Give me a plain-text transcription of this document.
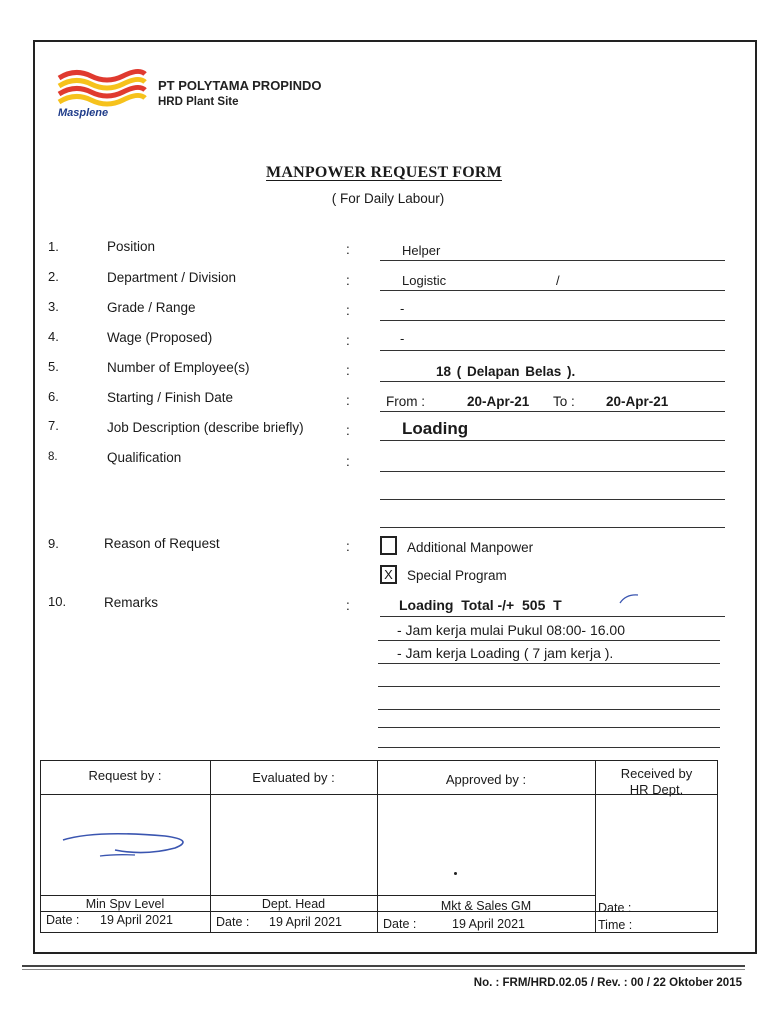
Masplene
PT POLYTAMA PROPINDO
HRD Plant Site
MANPOWER REQUEST FORM
( For Daily Labour)
1.	Position	:	Helper
2.	Department / Division	:	Logistic	/
3.	Grade / Range	:	-
4.	Wage (Proposed)	:	-
5.	Number of Employee(s)	:	18 ( Delapan Belas ).
6.	Starting / Finish Date	:	From :	20-Apr-21 To : 20-Apr-21
7.	Job Description (describe briefly)	:	Loading
8.	Qualification	:
9.	Reason of Request	:	Additional Manpower
X	Special Program
10.	Remarks	:	Loading  Total -/+  505  T
- Jam kerja mulai Pukul 08:00- 16.00
- Jam kerja Loading ( 7 jam kerja ).
Request by :	Evaluated by :	Approved by :	Received by
HR Dept.
Min Spv Level	Dept. Head	Mkt & Sales GM
Date : 19 April 2021	Date : 19 April 2021	Date :	19 April 2021
Date :
Time :
No. : FRM/HRD.02.05 / Rev. : 00 / 22 Oktober 2015
